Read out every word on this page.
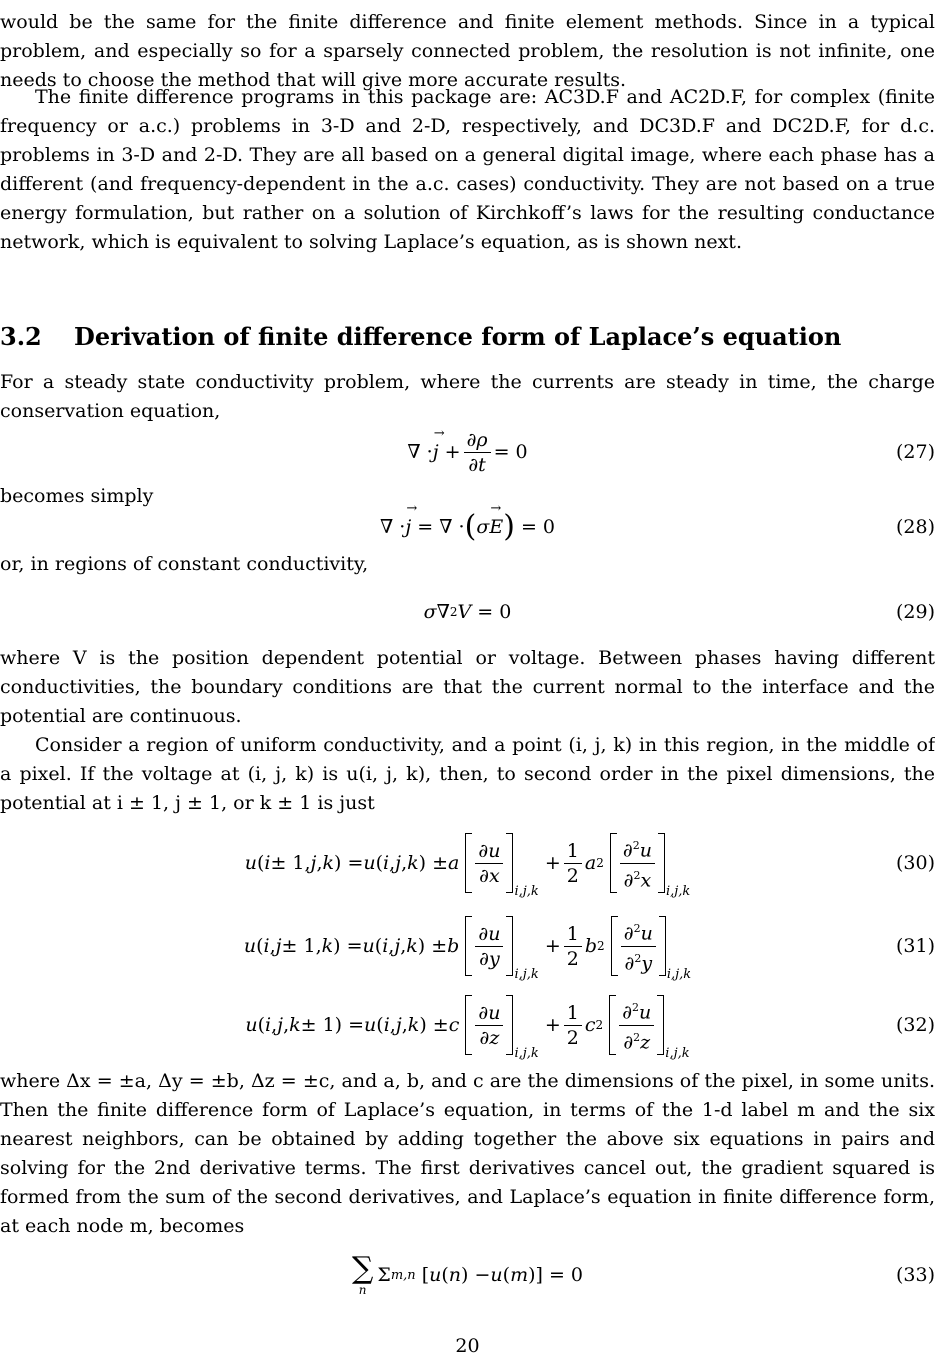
would be the same for the finite difference and finite element methods. Since in a typical problem, and especially so for a sparsely connected problem, the resolution is not infinite, one needs to choose the method that will give more accurate results.

The finite difference programs in this package are: AC3D.F and AC2D.F, for complex (finite frequency or a.c.) problems in 3-D and 2-D, respectively, and DC3D.F and DC2D.F, for d.c. problems in 3-D and 2-D. They are all based on a general digital image, where each phase has a different (and frequency-dependent in the a.c. cases) conductivity. They are not based on a true energy formulation, but rather on a solution of Kirchkoff’s laws for the resulting conductance network, which is equivalent to solving Laplace’s equation, as is shown next.

3.2 Derivation of finite difference form of Laplace’s equation

For a steady state conductivity problem, where the currents are steady in time, the charge conservation equation,

∇ · j → + $\frac{\partial\rho}{\partial t} = 0$	(27)

becomes simply

∇ · j → = ∇ · ( σ E → ) = 0	(28)

or, in regions of constant conductivity,

σ ∇ 2 V = 0	(29)

where V is the position dependent potential or voltage. Between phases having different conductivities, the boundary conditions are that the current normal to the interface and the potential are continuous.

Consider a region of uniform conductivity, and a point (i, j, k) in this region, in the middle of a pixel. If the voltage at (i, j, k) is u(i, j, k), then, to second order in the pixel dimensions, the potential at i ± 1, j ± 1, or k ± 1 is just

u ( i ± 1, j , k ) = u ( i , j , k ) ± a
$\frac{\partial u}{\partial x}$
i,j,k
+ $\frac{1}{2}$ a 2
$\frac{\partial^2u}{\partial^2x}$
i,j,k
(30)
u ( i , j ± 1, k ) = u ( i , j , k ) ± b
$\frac{\partial u}{\partial y}$
i,j,k
+ $\frac{1}{2}$ b 2
$\frac{\partial^2u}{\partial^2y}$
i,j,k
(31)
u ( i , j , k ± 1) = u ( i , j , k ) ± c
$\frac{\partial u}{\partial z}$
i,j,k
+ $\frac{1}{2}$ c 2
$\frac{\partial^2u}{\partial^2z}$
i,j,k
(32)

where Δx = ±a, Δy = ±b, Δz = ±c, and a, b, and c are the dimensions of the pixel, in some units. Then the finite difference form of Laplace’s equation, in terms of the 1-d label m and the six nearest neighbors, can be obtained by adding together the above six equations in pairs and solving for the 2nd derivative terms. The first derivatives cancel out, the gradient squared is formed from the sum of the second derivatives, and Laplace’s equation in finite difference form, at each node m, becomes

∑
n
Σ m,n [ u ( n ) − u ( m )] = 0	(33)
20
